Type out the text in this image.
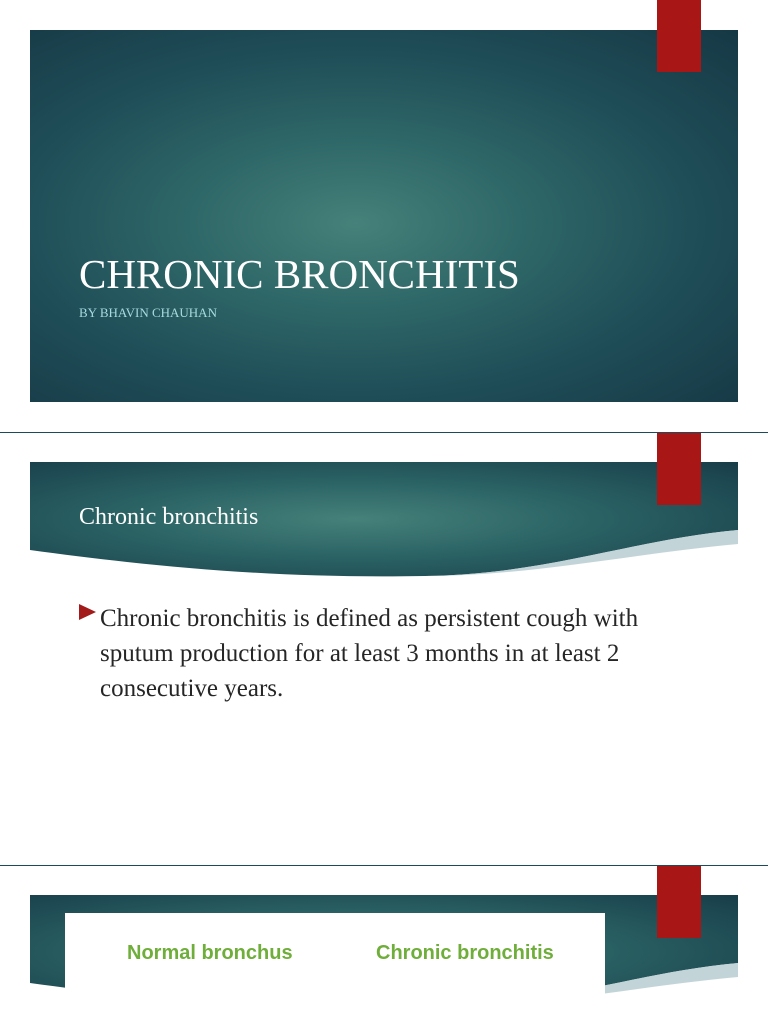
CHRONIC BRONCHITIS
BY BHAVIN CHAUHAN
Chronic bronchitis

Chronic bronchitis is defined as persistent cough with sputum production for at least 3 months in at least 2 consecutive years.

Normal bronchus	Chronic bronchitis
